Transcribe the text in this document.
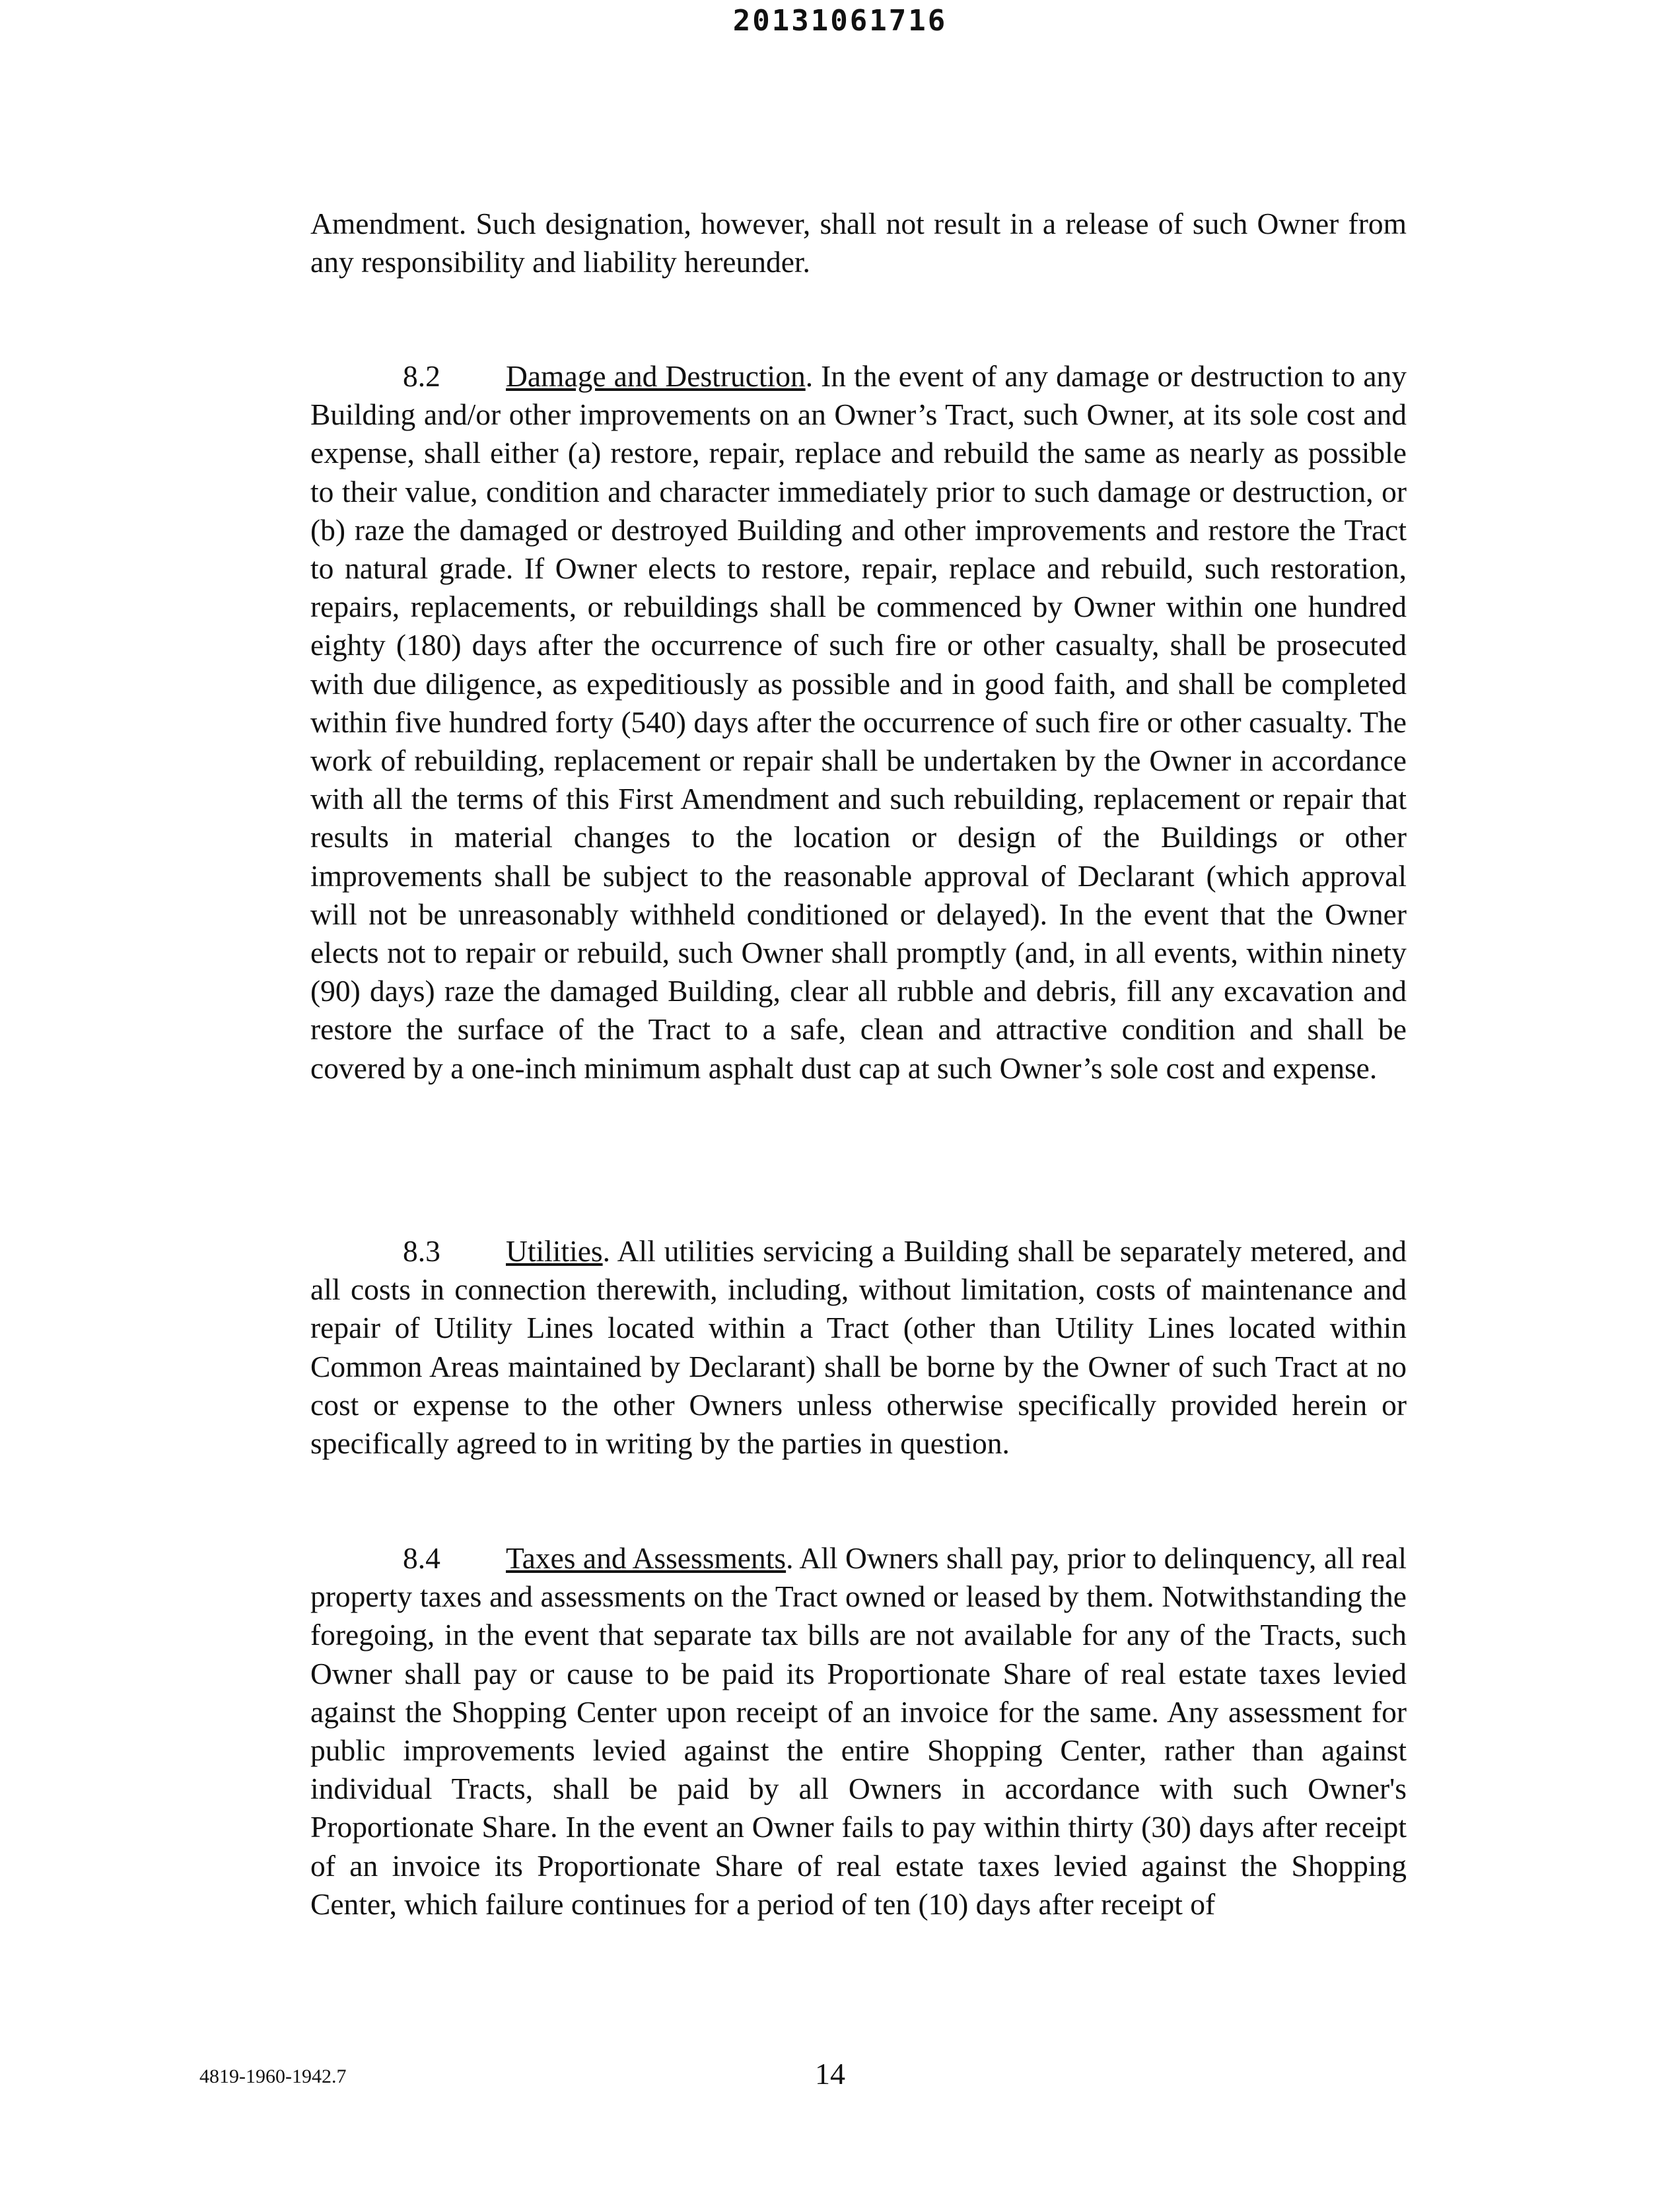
20131061716

Amendment. Such designation, however, shall not result in a release of such Owner from any responsibility and liability hereunder.

8.2 Damage and Destruction. In the event of any damage or destruction to any Building and/or other improvements on an Owner’s Tract, such Owner, at its sole cost and expense, shall either (a) restore, repair, replace and rebuild the same as nearly as possible to their value, condition and character immediately prior to such damage or destruction, or (b) raze the damaged or destroyed Building and other improvements and restore the Tract to natural grade. If Owner elects to restore, repair, replace and rebuild, such restoration, repairs, replacements, or rebuildings shall be commenced by Owner within one hundred eighty (180) days after the occurrence of such fire or other casualty, shall be prosecuted with due diligence, as expeditiously as possible and in good faith, and shall be completed within five hundred forty (540) days after the occurrence of such fire or other casualty. The work of rebuilding, replacement or repair shall be undertaken by the Owner in accordance with all the terms of this First Amendment and such rebuilding, replacement or repair that results in material changes to the location or design of the Buildings or other improvements shall be subject to the reasonable approval of Declarant (which approval will not be unreasonably withheld conditioned or delayed). In the event that the Owner elects not to repair or rebuild, such Owner shall promptly (and, in all events, within ninety (90) days) raze the damaged Building, clear all rubble and debris, fill any excavation and restore the surface of the Tract to a safe, clean and attractive condition and shall be covered by a one-inch minimum asphalt dust cap at such Owner’s sole cost and expense.

8.3 Utilities. All utilities servicing a Building shall be separately metered, and all costs in connection therewith, including, without limitation, costs of maintenance and repair of Utility Lines located within a Tract (other than Utility Lines located within Common Areas maintained by Declarant) shall be borne by the Owner of such Tract at no cost or expense to the other Owners unless otherwise specifically provided herein or specifically agreed to in writing by the parties in question.

8.4 Taxes and Assessments. All Owners shall pay, prior to delinquency, all real property taxes and assessments on the Tract owned or leased by them. Notwithstanding the foregoing, in the event that separate tax bills are not available for any of the Tracts, such Owner shall pay or cause to be paid its Proportionate Share of real estate taxes levied against the Shopping Center upon receipt of an invoice for the same. Any assessment for public improvements levied against the entire Shopping Center, rather than against individual Tracts, shall be paid by all Owners in accordance with such Owner's Proportionate Share. In the event an Owner fails to pay within thirty (30) days after receipt of an invoice its Proportionate Share of real estate taxes levied against the Shopping Center, which failure continues for a period of ten (10) days after receipt of

4819-1960-1942.7	14
